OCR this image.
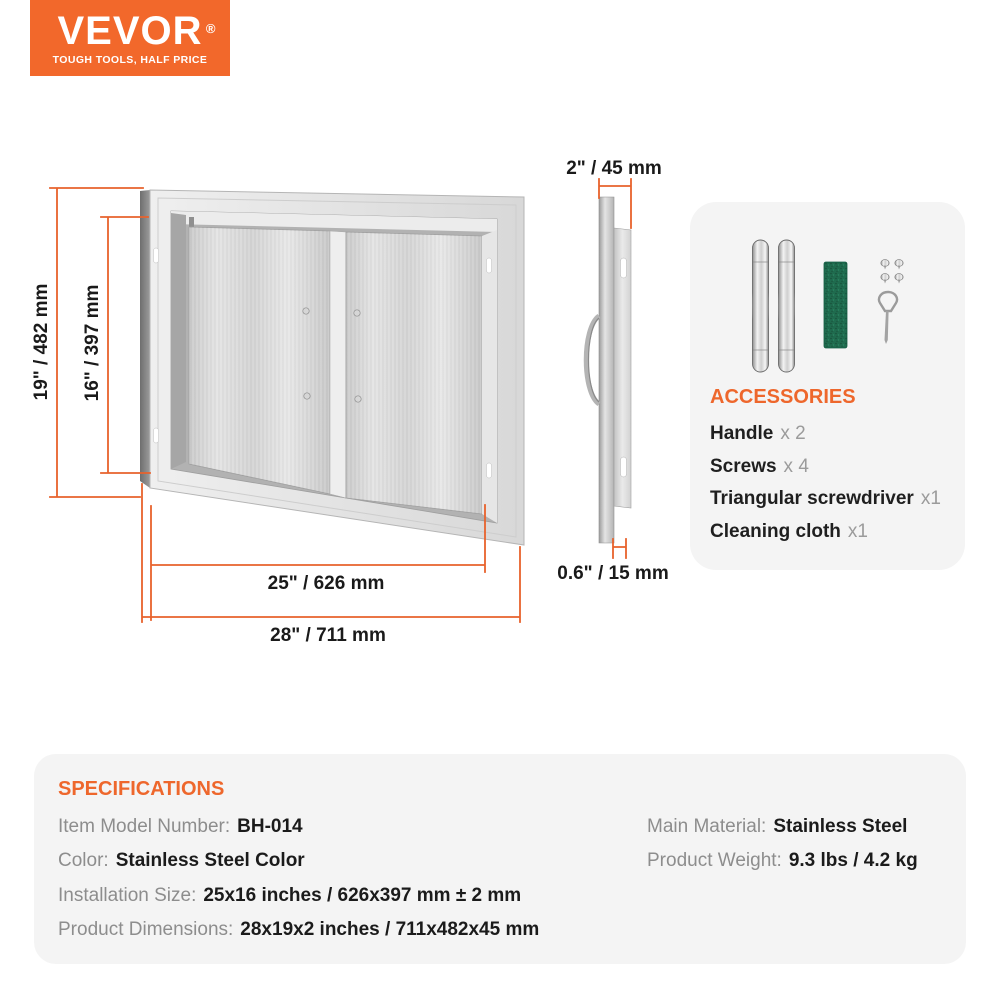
VEVOR ®
TOUGH TOOLS, HALF PRICE
19" / 482 mm 16" / 397 mm
25" / 626 mm
28" / 711 mm
2" / 45 mm
0.6" / 15 mm
ACCESSORIES
Handle x 2
Screws x 4
Triangular screwdriver x1
Cleaning cloth x1
SPECIFICATIONS
Item Model Number: BH-014
Color: Stainless Steel Color
Installation Size: 25x16 inches / 626x397 mm ± 2 mm
Product Dimensions: 28x19x2 inches / 711x482x45 mm
Main Material: Stainless Steel
Product Weight: 9.3 lbs / 4.2 kg
